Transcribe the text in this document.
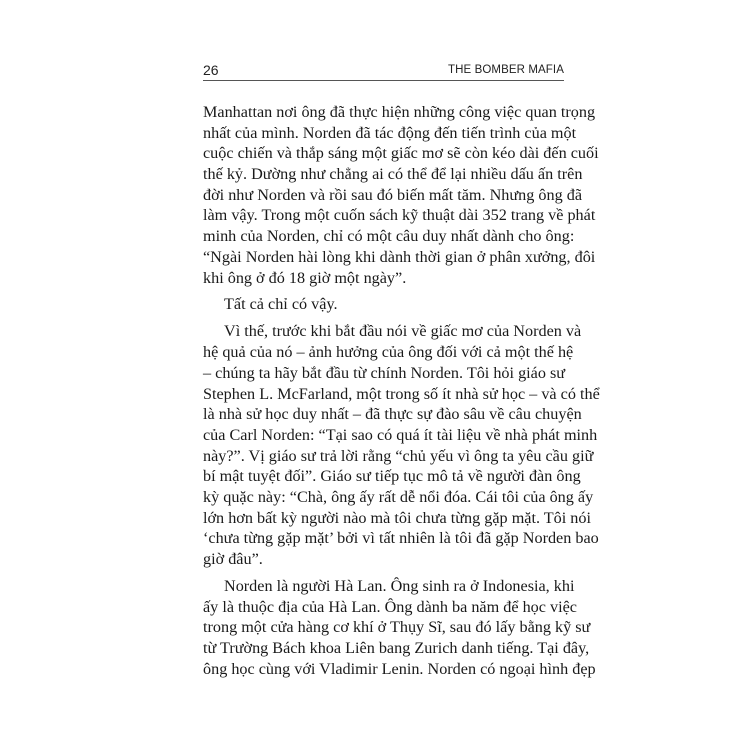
26	THE BOMBER MAFIA
Manhattan nơi ông đã thực hiện những công việc quan trọng
nhất của mình. Norden đã tác động đến tiến trình của một
cuộc chiến và thắp sáng một giấc mơ sẽ còn kéo dài đến cuối
thế kỷ. Dường như chẳng ai có thể để lại nhiều dấu ấn trên
đời như Norden và rồi sau đó biến mất tăm. Nhưng ông đã
làm vậy. Trong một cuốn sách kỹ thuật dài 352 trang về phát
minh của Norden, chỉ có một câu duy nhất dành cho ông:
“Ngài Norden hài lòng khi dành thời gian ở phân xưởng, đôi
khi ông ở đó 18 giờ một ngày”.
Tất cả chỉ có vậy.
Vì thế, trước khi bắt đầu nói về giấc mơ của Norden và
hệ quả của nó – ảnh hưởng của ông đối với cả một thế hệ
– chúng ta hãy bắt đầu từ chính Norden. Tôi hỏi giáo sư
Stephen L. McFarland, một trong số ít nhà sử học – và có thể
là nhà sử học duy nhất – đã thực sự đào sâu về câu chuyện
của Carl Norden: “Tại sao có quá ít tài liệu về nhà phát minh
này?”. Vị giáo sư trả lời rằng “chủ yếu vì ông ta yêu cầu giữ
bí mật tuyệt đối”. Giáo sư tiếp tục mô tả về người đàn ông
kỳ quặc này: “Chà, ông ấy rất dễ nổi đóa. Cái tôi của ông ấy
lớn hơn bất kỳ người nào mà tôi chưa từng gặp mặt. Tôi nói
‘chưa từng gặp mặt’ bởi vì tất nhiên là tôi đã gặp Norden bao
giờ đâu”.
Norden là người Hà Lan. Ông sinh ra ở Indonesia, khi
ấy là thuộc địa của Hà Lan. Ông dành ba năm để học việc
trong một cửa hàng cơ khí ở Thụy Sĩ, sau đó lấy bằng kỹ sư
từ Trường Bách khoa Liên bang Zurich danh tiếng. Tại đây,
ông học cùng với Vladimir Lenin. Norden có ngoại hình đẹp
